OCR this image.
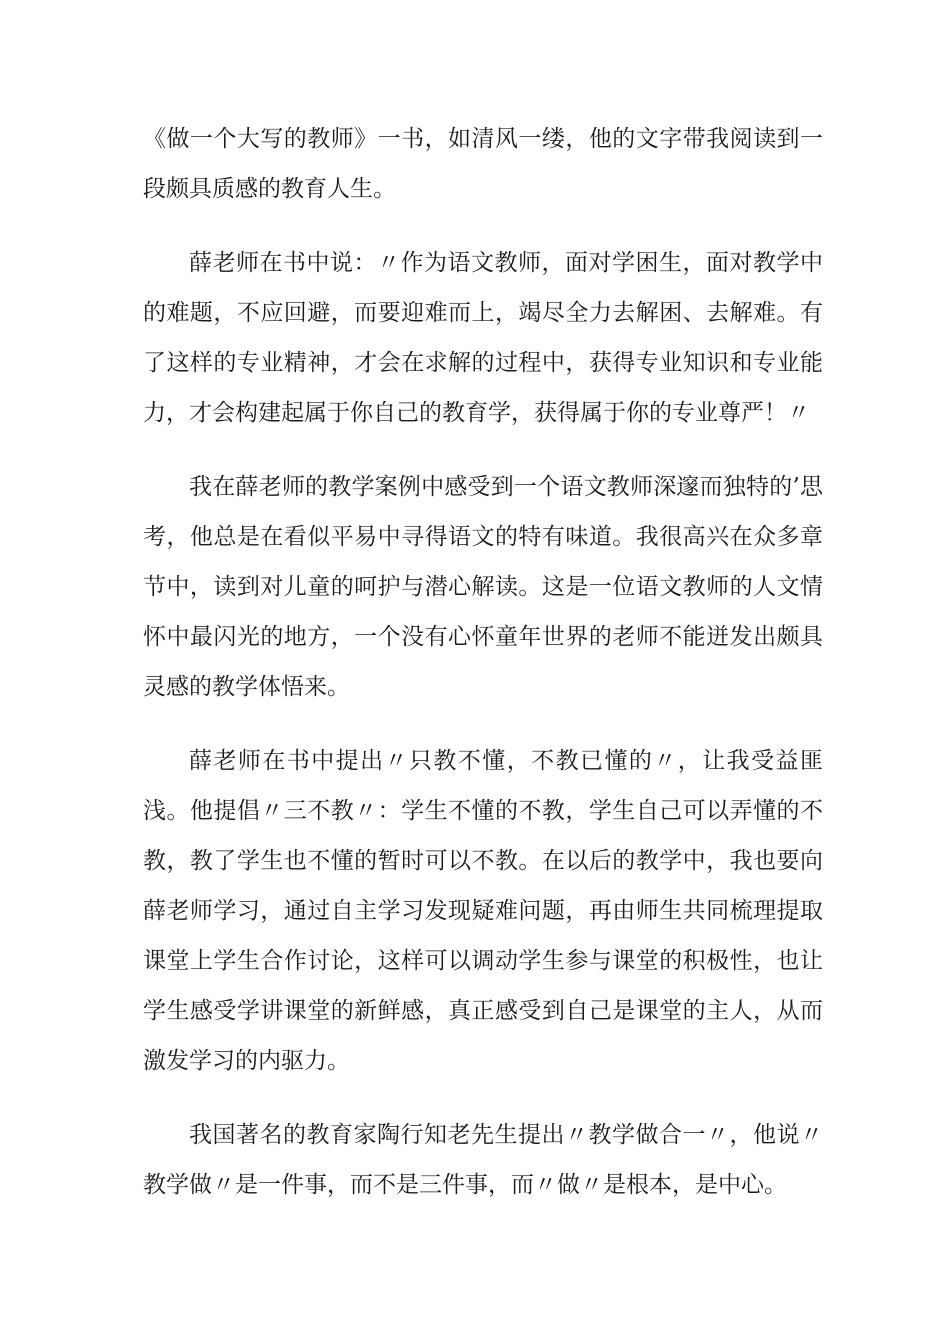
《做一个大写的教师》一书，如清风一缕，他的文字带我阅读到一段颇具质感的教育人生。

薛老师在书中说：〃作为语文教师，面对学困生，面对教学中的难题，不应回避，而要迎难而上，竭尽全力去解困、去解难。有了这样的专业精神，才会在求解的过程中，获得专业知识和专业能力，才会构建起属于你自己的教育学，获得属于你的专业尊严！〃

我在薛老师的教学案例中感受到一个语文教师深邃而独特的’思考，他总是在看似平易中寻得语文的特有味道。我很高兴在众多章节中，读到对儿童的呵护与潜心解读。这是一位语文教师的人文情怀中最闪光的地方，一个没有心怀童年世界的老师不能迸发出颇具灵感的教学体悟来。

薛老师在书中提出〃只教不懂，不教已懂的〃，让我受益匪浅。他提倡〃三不教〃：学生不懂的不教，学生自己可以弄懂的不教，教了学生也不懂的暂时可以不教。在以后的教学中，我也要向薛老师学习，通过自主学习发现疑难问题，再由师生共同梳理提取课堂上学生合作讨论，这样可以调动学生参与课堂的积极性，也让学生感受学讲课堂的新鲜感，真正感受到自己是课堂的主人，从而激发学习的内驱力。

我国著名的教育家陶行知老先生提出〃教学做合一〃，他说〃教学做〃是一件事，而不是三件事，而〃做〃是根本，是中心。
